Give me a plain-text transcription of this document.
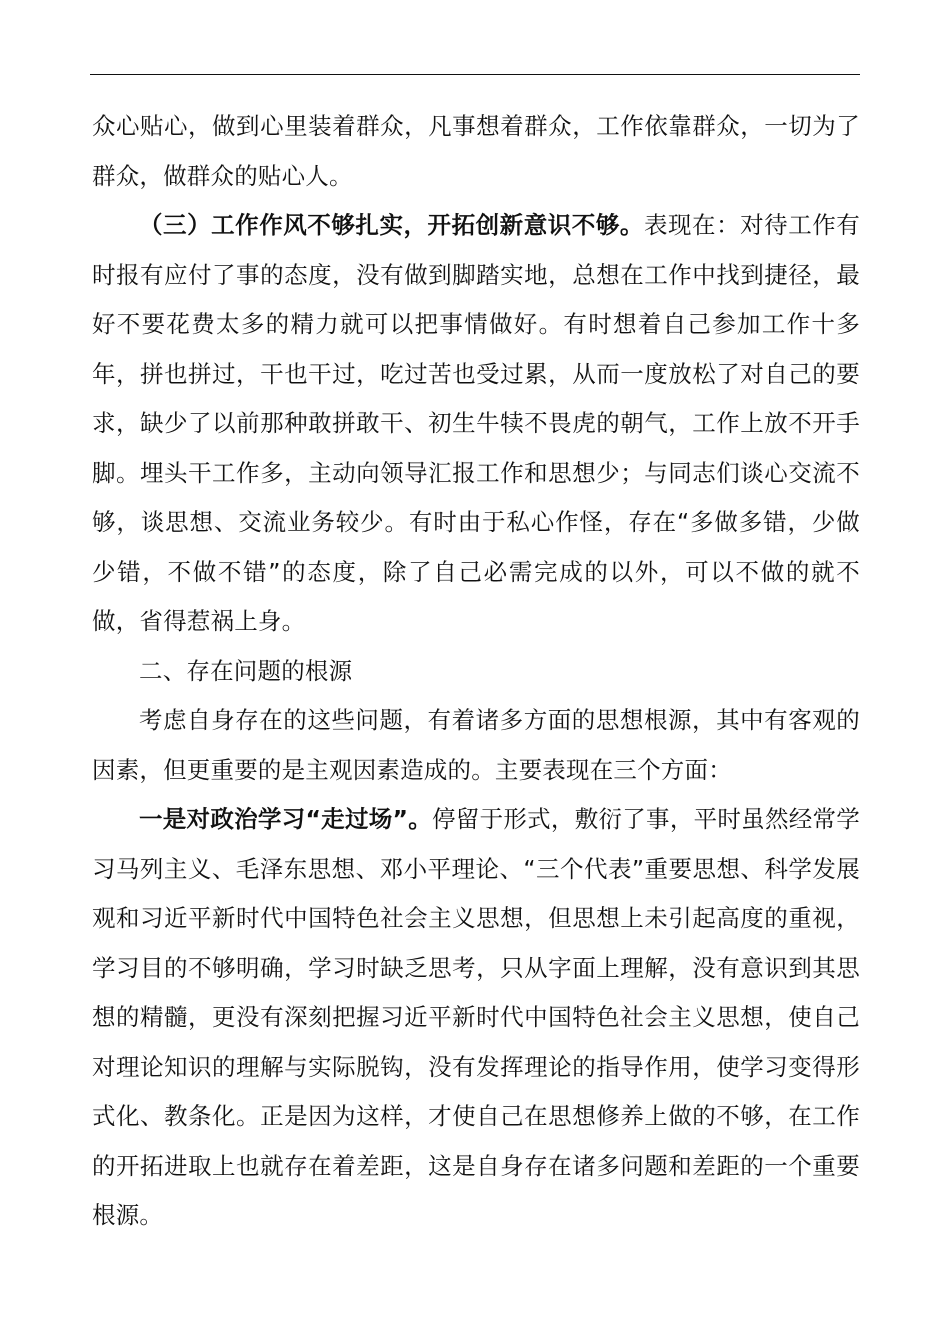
众心贴心，做到心里装着群众，凡事想着群众，工作依靠群众，一切为了群众，做群众的贴心人。

（三）工作作风不够扎实，开拓创新意识不够。表现在：对待工作有时报有应付了事的态度，没有做到脚踏实地，总想在工作中找到捷径，最好不要花费太多的精力就可以把事情做好。有时想着自己参加工作十多年，拼也拼过，干也干过，吃过苦也受过累，从而一度放松了对自己的要求，缺少了以前那种敢拼敢干、初生牛犊不畏虎的朝气，工作上放不开手脚。埋头干工作多，主动向领导汇报工作和思想少；与同志们谈心交流不够，谈思想、交流业务较少。有时由于私心作怪，存在“多做多错，少做少错，不做不错”的态度，除了自己必需完成的以外，可以不做的就不做，省得惹祸上身。

二、存在问题的根源

考虑自身存在的这些问题，有着诸多方面的思想根源，其中有客观的因素，但更重要的是主观因素造成的。主要表现在三个方面：

一是对政治学习“走过场”。停留于形式，敷衍了事，平时虽然经常学习马列主义、毛泽东思想、邓小平理论、“三个代表”重要思想、科学发展观和习近平新时代中国特色社会主义思想，但思想上未引起高度的重视，学习目的不够明确，学习时缺乏思考，只从字面上理解，没有意识到其思想的精髓，更没有深刻把握习近平新时代中国特色社会主义思想，使自己对理论知识的理解与实际脱钩，没有发挥理论的指导作用，使学习变得形式化、教条化。正是因为这样，才使自己在思想修养上做的不够，在工作的开拓进取上也就存在着差距，这是自身存在诸多问题和差距的一个重要根源。
